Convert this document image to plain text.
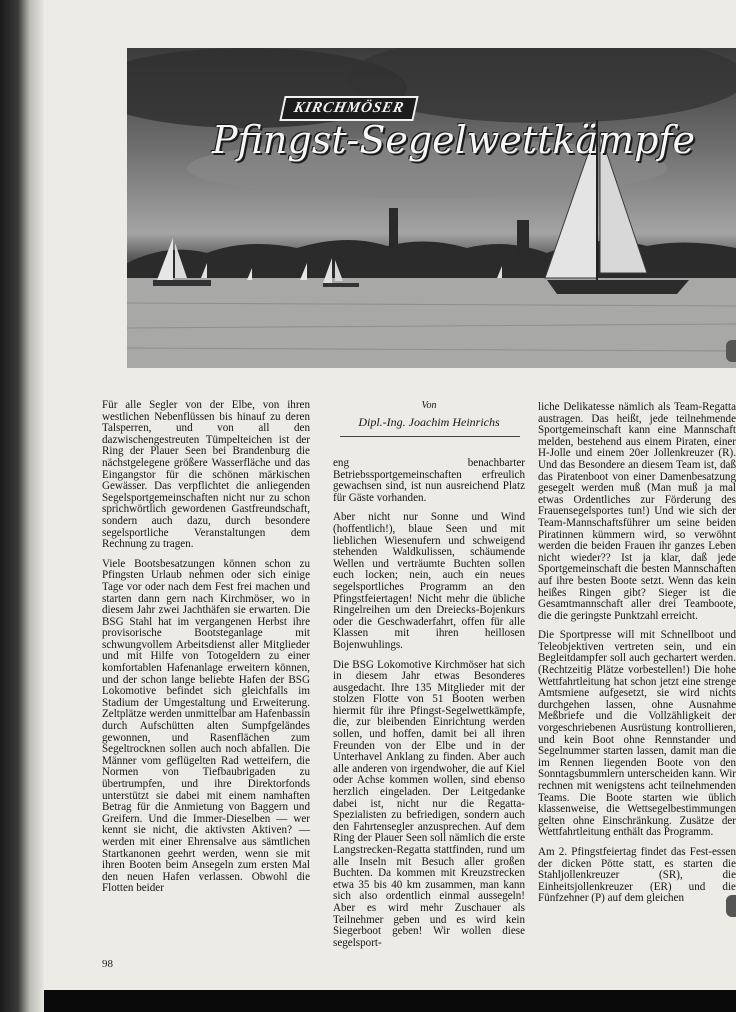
KIRCHMÖSER
Pfingst-Segelwettkämpfe

Für alle Segler von der Elbe, von ihren westlichen Nebenflüssen bis hinauf zu deren Talsperren, und von all den dazwischengestreuten Tümpelteichen ist der Ring der Plauer Seen bei Brandenburg die nächstgelegene größere Wasserfläche und das Eingangstor für die schönen märkischen Gewässer. Das verpflichtet die anliegenden Segelsportgemeinschaften nicht nur zu schon sprichwörtlich gewordenen Gastfreundschaft, sondern auch dazu, durch besondere segelsportliche Veranstaltungen dem Rechnung zu tragen.

Viele Bootsbesatzungen können schon zu Pfingsten Urlaub nehmen oder sich einige Tage vor oder nach dem Fest frei machen und starten dann gern nach Kirchmöser, wo in diesem Jahr zwei Jachthäfen sie erwarten. Die BSG Stahl hat im vergangenen Herbst ihre provisorische Bootsteganlage mit schwungvollem Arbeitsdienst aller Mitglieder und mit Hilfe von Totogeldern zu einer komfortablen Hafenanlage erweitern können, und der schon lange beliebte Hafen der BSG Lokomotive befindet sich gleichfalls im Stadium der Umgestaltung und Erweiterung. Zeltplätze werden unmittelbar am Hafenbassin durch Aufschütten alten Sumpfgeländes gewonnen, und Rasenflächen zum Segeltrocknen sollen auch noch abfallen. Die Männer vom geflügelten Rad wetteifern, die Normen von Tiefbaubrigaden zu übertrumpfen, und ihre Direktorfonds unterstützt sie dabei mit einem namhaften Betrag für die Anmietung von Baggern und Greifern. Und die Immer-Dieselben — wer kennt sie nicht, die aktivsten Aktiven? — werden mit einer Ehrensalve aus sämtlichen Startkanonen geehrt werden, wenn sie mit ihren Booten beim Ansegeln zum ersten Mal den neuen Hafen verlassen. Obwohl die Flotten beider

Von
Dipl.-Ing. Joachim Heinrichs

eng benachbarter Betriebssportgemeinschaften erfreulich gewachsen sind, ist nun ausreichend Platz für Gäste vorhanden.

Aber nicht nur Sonne und Wind (hoffentlich!), blaue Seen und mit lieblichen Wiesenufern und schweigend stehenden Waldkulissen, schäumende Wellen und verträumte Buchten sollen euch locken; nein, auch ein neues segelsportliches Programm an den Pfingstfeiertagen! Nicht mehr die übliche Ringelreihen um den Dreiecks-Bojenkurs oder die Geschwaderfahrt, offen für alle Klassen mit ihren heillosen Bojenwuhlings.

Die BSG Lokomotive Kirchmöser hat sich in diesem Jahr etwas Besonderes ausgedacht. Ihre 135 Mitglieder mit der stolzen Flotte von 51 Booten werben hiermit für ihre Pfingst-Segelwettkämpfe, die, zur bleibenden Einrichtung werden sollen, und hoffen, damit bei all ihren Freunden von der Elbe und in der Unterhavel Anklang zu finden. Aber auch alle anderen von irgendwoher, die auf Kiel oder Achse kommen wollen, sind ebenso herzlich eingeladen. Der Leitgedanke dabei ist, nicht nur die Regatta-Spezialisten zu befriedigen, sondern auch den Fahrtensegler anzusprechen. Auf dem Ring der Plauer Seen soll nämlich die erste Langstrecken-Regatta stattfinden, rund um alle Inseln mit Besuch aller großen Buchten. Da kommen mit Kreuzstrecken etwa 35 bis 40 km zusammen, man kann sich also ordentlich einmal aussegeln! Aber es wird mehr Zuschauer als Teilnehmer geben und es wird kein Siegerboot geben! Wir wollen diese segelsport-

liche Delikatesse nämlich als Team-Regatta austragen. Das heißt, jede teilnehmende Sportgemeinschaft kann eine Mannschaft melden, bestehend aus einem Piraten, einer H-Jolle und einem 20er Jollenkreuzer (R). Und das Besondere an diesem Team ist, daß das Piratenboot von einer Damenbesatzung gesegelt werden muß (Man muß ja mal etwas Ordentliches zur Förderung des Frauensegelsportes tun!) Und wie sich der Team-Mannschaftsführer um seine beiden Piratinnen kümmern wird, so verwöhnt werden die beiden Frauen ihr ganzes Leben nicht wieder?? Ist ja klar, daß jede Sportgemeinschaft die besten Mannschaften auf ihre besten Boote setzt. Wenn das kein heißes Ringen gibt? Sieger ist die Gesamtmannschaft aller drei Teamboote, die die geringste Punktzahl erreicht.

Die Sportpresse will mit Schnellboot und Teleobjektiven vertreten sein, und ein Begleitdampfer soll auch gechartert werden. (Rechtzeitig Plätze vorbestellen!) Die hohe Wettfahrtleitung hat schon jetzt eine strenge Amtsmiene aufgesetzt, sie wird nichts durchgehen lassen, ohne Ausnahme Meßbriefe und die Vollzähligkeit der vorgeschriebenen Ausrüstung kontrollieren, und kein Boot ohne Rennstander und Segelnummer starten lassen, damit man die im Rennen liegenden Boote von den Sonntagsbummlern unterscheiden kann. Wir rechnen mit wenigstens acht teilnehmenden Teams. Die Boote starten wie üblich klassenweise, die Wettsegelbestimmungen gelten ohne Einschränkung. Zusätze der Wettfahrtleitung enthält das Programm.

Am 2. Pfingstfeiertag findet das Fest-essen der dicken Pötte statt, es starten die Stahljollenkreuzer (SR), die Einheitsjollenkreuzer (ER) und die Fünfzehner (P) auf dem gleichen

98
